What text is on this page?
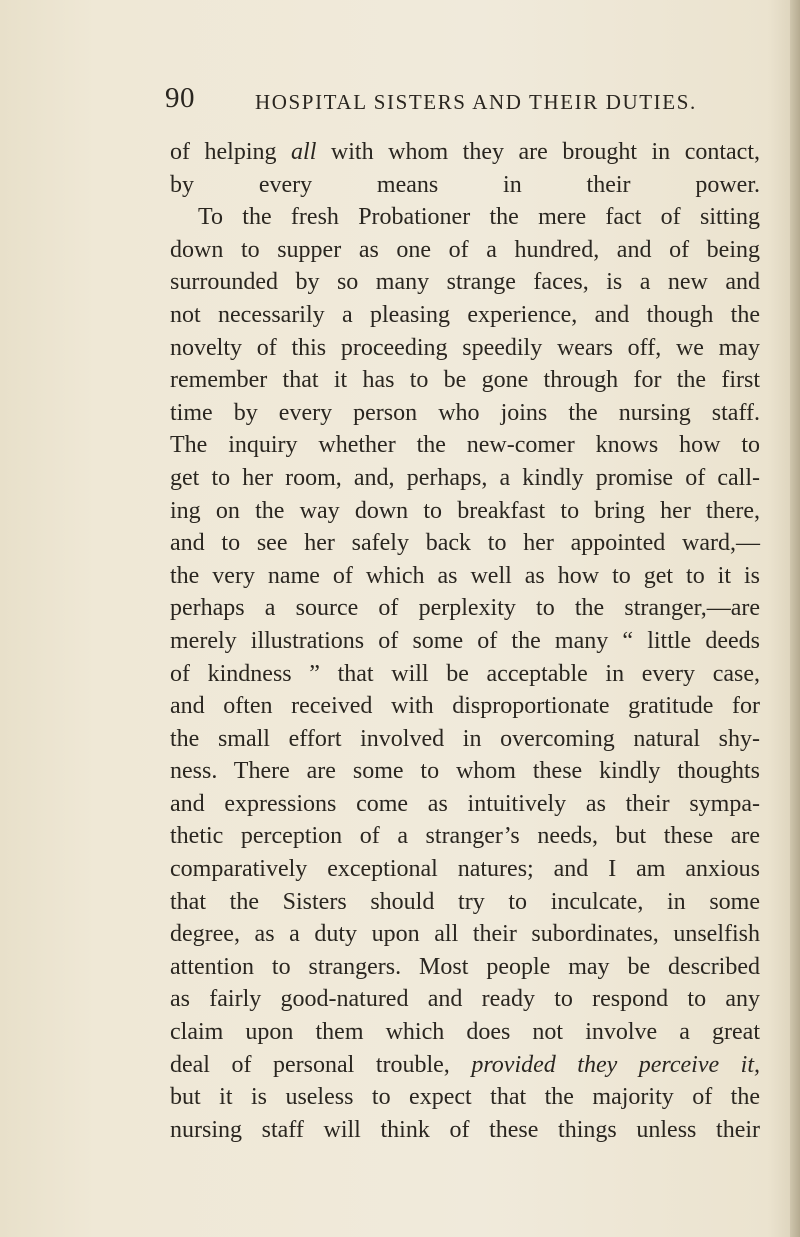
90	HOSPITAL SISTERS AND THEIR DUTIES.
of helping all with whom they are brought in contact,
by every means in their power.
To the fresh Probationer the mere fact of sitting
down to supper as one of a hundred, and of being
surrounded by so many strange faces, is a new and
not necessarily a pleasing experience, and though the
novelty of this proceeding speedily wears off, we may
remember that it has to be gone through for the first
time by every person who joins the nursing staff.
The inquiry whether the new-comer knows how to
get to her room, and, perhaps, a kindly promise of call-
ing on the way down to breakfast to bring her there,
and to see her safely back to her appointed ward,—
the very name of which as well as how to get to it is
perhaps a source of perplexity to the stranger,—are
merely illustrations of some of the many “ little deeds
of kindness ” that will be acceptable in every case,
and often received with disproportionate gratitude for
the small effort involved in overcoming natural shy-
ness. There are some to whom these kindly thoughts
and expressions come as intuitively as their sympa-
thetic perception of a stranger’s needs, but these are
comparatively exceptional natures; and I am anxious
that the Sisters should try to inculcate, in some
degree, as a duty upon all their subordinates, unselfish
attention to strangers. Most people may be described
as fairly good-natured and ready to respond to any
claim upon them which does not involve a great
deal of personal trouble, provided they perceive it,
but it is useless to expect that the majority of the
nursing staff will think of these things unless their
